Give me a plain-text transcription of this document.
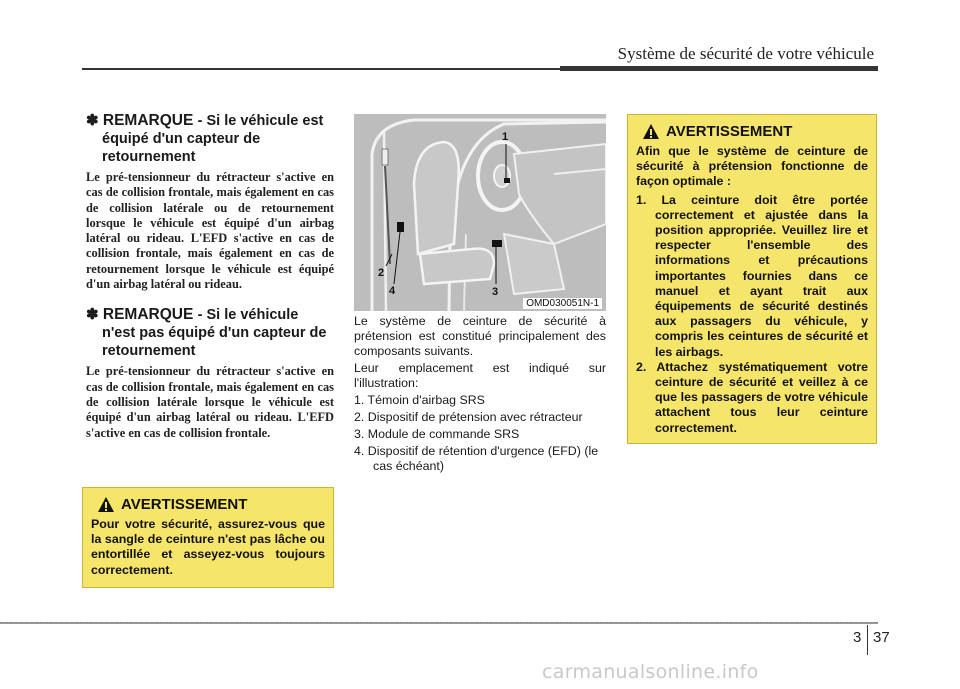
Système de sécurité de votre véhicule
✽ REMARQUE - Si le véhicule est équipé d'un capteur de retournement

Le pré-tensionneur du rétracteur s'active en cas de collision frontale, mais également en cas de collision latérale ou de retournement lorsque le véhicule est équipé d'un airbag latéral ou rideau. L'EFD s'active en cas de collision frontale, mais également en cas de retournement lorsque le véhicule est équipé d'un airbag latéral ou rideau.

✽ REMARQUE - Si le véhicule n'est pas équipé d'un capteur de retournement

Le pré-tensionneur du rétracteur s'active en cas de collision frontale, mais également en cas de collision latérale lorsque le véhicule est équipé d'un airbag latéral ou rideau. L'EFD s'active en cas de collision frontale.

AVERTISSEMENT

Pour votre sécurité, assurez-vous que la sangle de ceinture n'est pas lâche ou entortillée et asseyez-vous toujours correctement.

1
2
3
4
OMD030051N-1

Le système de ceinture de sécurité à prétension est constitué principalement des composants suivants.

Leur emplacement est indiqué sur l'illustration:

1. Témoin d'airbag SRS
2. Dispositif de prétension avec rétracteur
3. Module de commande SRS
4. Dispositif de rétention d'urgence (EFD) (le cas échéant)
AVERTISSEMENT

Afin que le système de ceinture de sécurité à prétension fonctionne de façon optimale :

1. La ceinture doit être portée correctement et ajustée dans la position appropriée. Veuillez lire et respecter l'ensemble des informations et précautions importantes fournies dans ce manuel et ayant trait aux équipements de sécurité destinés aux passagers du véhicule, y compris les ceintures de sécurité et les airbags.
2. Attachez systématiquement votre ceinture de sécurité et veillez à ce que les passagers de votre véhicule attachent tous leur ceinture correctement.
3 37
carmanualsonline.info
